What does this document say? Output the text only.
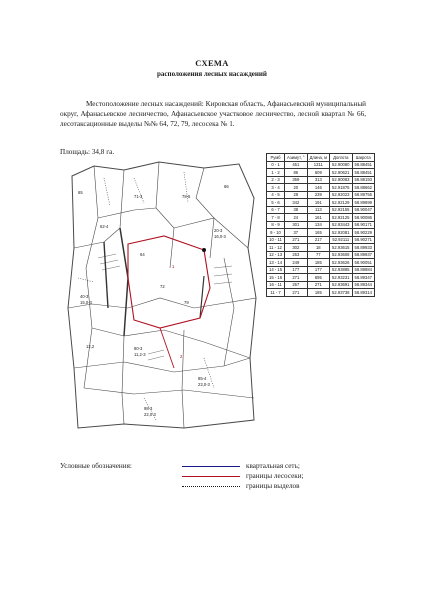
СХЕМА
расположения лесных насаждений
Местоположение лесных насаждений: Кировская область, Афанасьевский муниципальный округ, Афанасьевское лесничество, Афанасьевское участковое лесничество, лесной квартал № 66, лесотаксационные выделы №№ 64, 72, 79, лесосека № 1.
Площадь: 34,8 га.
66
65
1
2
64
72
79
62-4
71-3	78-5
20-3
16,0-3
40-3
15,0-3
80-3
11,2-3
85-4
23,0-3
98-3
22,0-3
12,2
Румб	Азимут, °	Длина, м	Долгота	Широта
0 - 1	451	1311	52.90080	58.88451
1 - 2	86	609	52.90621	58.88451
2 - 3	359	313	52.90083	58.88193
3 - 4	20	146	52.91875	58.88662
4 - 5	28	239	52.92023	58.89755
5 - 6	342	191	52.92129	58.89899
6 - 7	38	113	52.92155	58.90047
7 - 8	24	161	52.92125	58.90086
8 - 9	301	134	52.93443	58.90171
9 - 10	37	165	52.92081	58.90229
10 - 11	271	217	52.92111	58.90271
11 - 12	302	18	52.93615	58.89933
12 - 13	253	77	52.93608	58.89937
13 - 14	249	185	52.93626	58.90051
14 - 15	177	177	52.93885	58.89884
15 - 16	271	695	52.93231	58.89347
16 - 11	257	271	52.93691	58.89344
11 - 7	271	185	52.93738	58.89314
Условные обозначения:	квартальная сеть;
границы лесосеки;
границы выделов
